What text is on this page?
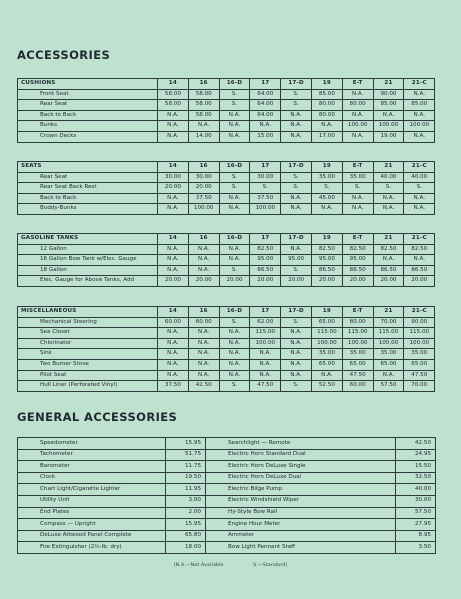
ACCESSORIES
CUSHIONS	14	16	16-D	17	17-D	19	E-T	21	21-C
Front Seat	58.00	58.00	S.	64.00	S.	85.00	N.A.	90.00	N.A.
Rear Seat	58.00	58.00	S.	64.00	S.	80.00	80.00	85.00	85.00
Back to Back	N.A.	58.00	N.A.	64.00	N.A.	80.00	N.A.	N.A.	N.A.
Bunks	N.A.	N.A.	N.A.	N.A.	N.A.	N.A.	100.00	100.00	100.00
Crown Decks	N.A.	14.00	N.A.	15.00	N.A.	17.00	N.A.	19.00	N.A.
SEATS	14	16	16-D	17	17-D	19	E-T	21	21-C
Rear Seat	30.00	30.00	S.	30.00	S.	35.00	35.00	40.00	40.00
Rear Seat Back Rest	20.00	20.00	S.	S.	S.	S.	S.	S.	S.
Back to Back	N.A.	37.50	N.A.	37.50	N.A.	45.00	N.A.	N.A.	N.A.
Buddy-Bunks	N.A.	100.00	N.A.	100.00	N.A.	N.A.	N.A.	N.A.	N.A.
GASOLINE TANKS	14	16	16-D	17	17-D	19	E-T	21	21-C
12 Gallon	N.A.	N.A.	N.A.	82.50	N.A.	82.50	82.50	82.50	82.50
16 Gallon Bow Tank w/Elec. Gauge	N.A.	N.A.	N.A.	95.00	95.00	95.00	95.00	N.A.	N.A.
18 Gallon	N.A.	N.A.	S.	86.50	S.	86.50	86.50	86.50	86.50
Elec. Gauge for Above Tanks, Add	20.00	20.00	20.00	20.00	20.00	20.00	20.00	20.00	20.00
MISCELLANEOUS	14	16	16-D	17	17-D	19	E-T	21	21-C
Mechanical Steering	60.00	60.00	S.	62.00	S.	65.00	80.00	70.00	90.00
Sea Closet	N.A.	N.A.	N.A.	115.00	N.A.	115.00	115.00	115.00	115.00
Chlorinator	N.A.	N.A.	N.A.	100.00	N.A.	100.00	100.00	100.00	100.00
Sink	N.A.	N.A.	N.A.	N.A.	N.A.	35.00	35.00	35.00	35.00
Two Burner Stove	N.A.	N.A.	N.A.	N.A.	N.A.	65.00	65.00	65.00	65.00
Pilot Seat	N.A.	N.A.	N.A.	N.A.	N.A.	N.A.	47.50	N.A.	47.50
Hull Liner (Perforated Vinyl)	37.50	42.50	S.	47.50	S.	52.50	60.00	57.50	70.00
GENERAL ACCESSORIES
Speedometer	15.95	Searchlight — Remote	42.50
Tachometer	51.75	Electric Horn Standard Dual	24.95
Barometer	11.75	Electric Horn DeLuxe Single	15.50
Clock	19.50	Electric Horn DeLuxe Dual	32.50
Chart Light/Cigarette Lighter	11.95	Electric Bilge Pump	40.00
Utility Unit	3.00	Electric Windshield Wiper	30.00
End Plates	2.00	Hy-Style Bow Rail	57.50
Compass — Upright	15.95	Engine Hour Meter	27.95
DeLuxe Attwood Panel Complete	65.80	Ammeter	8.95
Fire Extinguisher (2½-lb. dry)	18.00	Bow Light Pennant Staff	3.50
(N.A.—Not Available	S.—Standard)
